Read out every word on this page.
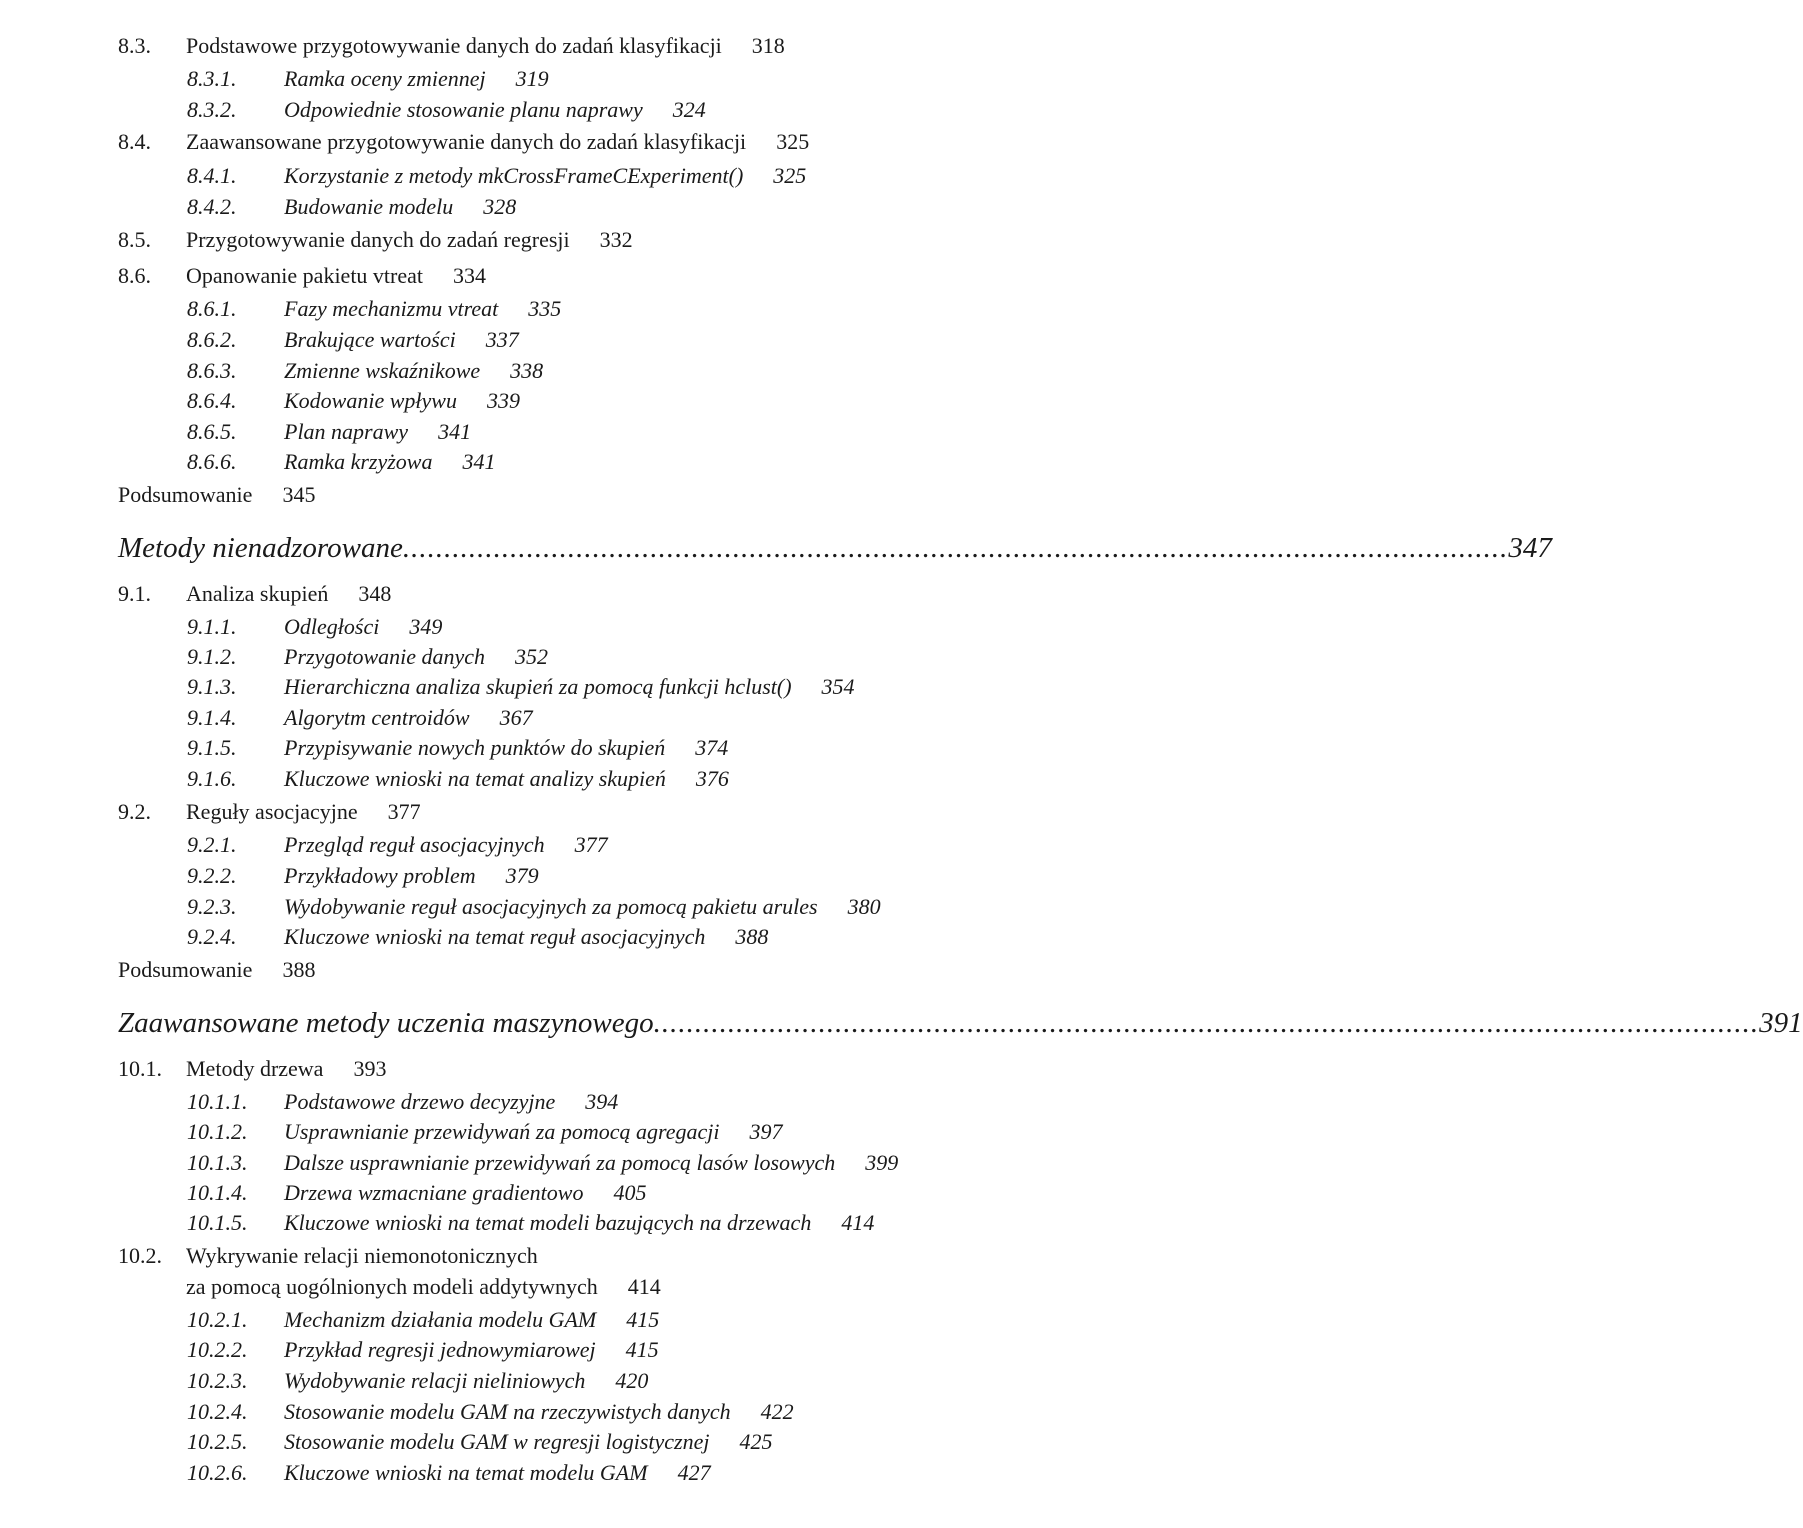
8.3. Podstawowe przygotowywanie danych do zadań klasyfikacji 318
8.3.1. Ramka oceny zmiennej 319
8.3.2. Odpowiednie stosowanie planu naprawy 324
8.4. Zaawansowane przygotowywanie danych do zadań klasyfikacji 325
8.4.1. Korzystanie z metody mkCrossFrameCExperiment() 325
8.4.2. Budowanie modelu 328
8.5. Przygotowywanie danych do zadań regresji 332
8.6. Opanowanie pakietu vtreat 334
8.6.1. Fazy mechanizmu vtreat 335
8.6.2. Brakujące wartości 337
8.6.3. Zmienne wskaźnikowe 338
8.6.4. Kodowanie wpływu 339
8.6.5. Plan naprawy 341
8.6.6. Ramka krzyżowa 341
Podsumowanie 345
Metody nienadzorowane ...................................................................................................................................... 347
9.1. Analiza skupień 348
9.1.1. Odległości 349
9.1.2. Przygotowanie danych 352
9.1.3. Hierarchiczna analiza skupień za pomocą funkcji hclust() 354
9.1.4. Algorytm centroidów 367
9.1.5. Przypisywanie nowych punktów do skupień 374
9.1.6. Kluczowe wnioski na temat analizy skupień 376
9.2. Reguły asocjacyjne 377
9.2.1. Przegląd reguł asocjacyjnych 377
9.2.2. Przykładowy problem 379
9.2.3. Wydobywanie reguł asocjacyjnych za pomocą pakietu arules 380
9.2.4. Kluczowe wnioski na temat reguł asocjacyjnych 388
Podsumowanie 388
Zaawansowane metody uczenia maszynowego ...................................................................................................................................... 391
10.1. Metody drzewa 393
10.1.1. Podstawowe drzewo decyzyjne 394
10.1.2. Usprawnianie przewidywań za pomocą agregacji 397
10.1.3. Dalsze usprawnianie przewidywań za pomocą lasów losowych 399
10.1.4. Drzewa wzmacniane gradientowo 405
10.1.5. Kluczowe wnioski na temat modeli bazujących na drzewach 414
10.2. Wykrywanie relacji niemonotonicznych
za pomocą uogólnionych modeli addytywnych 414
10.2.1. Mechanizm działania modelu GAM 415
10.2.2. Przykład regresji jednowymiarowej 415
10.2.3. Wydobywanie relacji nieliniowych 420
10.2.4. Stosowanie modelu GAM na rzeczywistych danych 422
10.2.5. Stosowanie modelu GAM w regresji logistycznej 425
10.2.6. Kluczowe wnioski na temat modelu GAM 427
